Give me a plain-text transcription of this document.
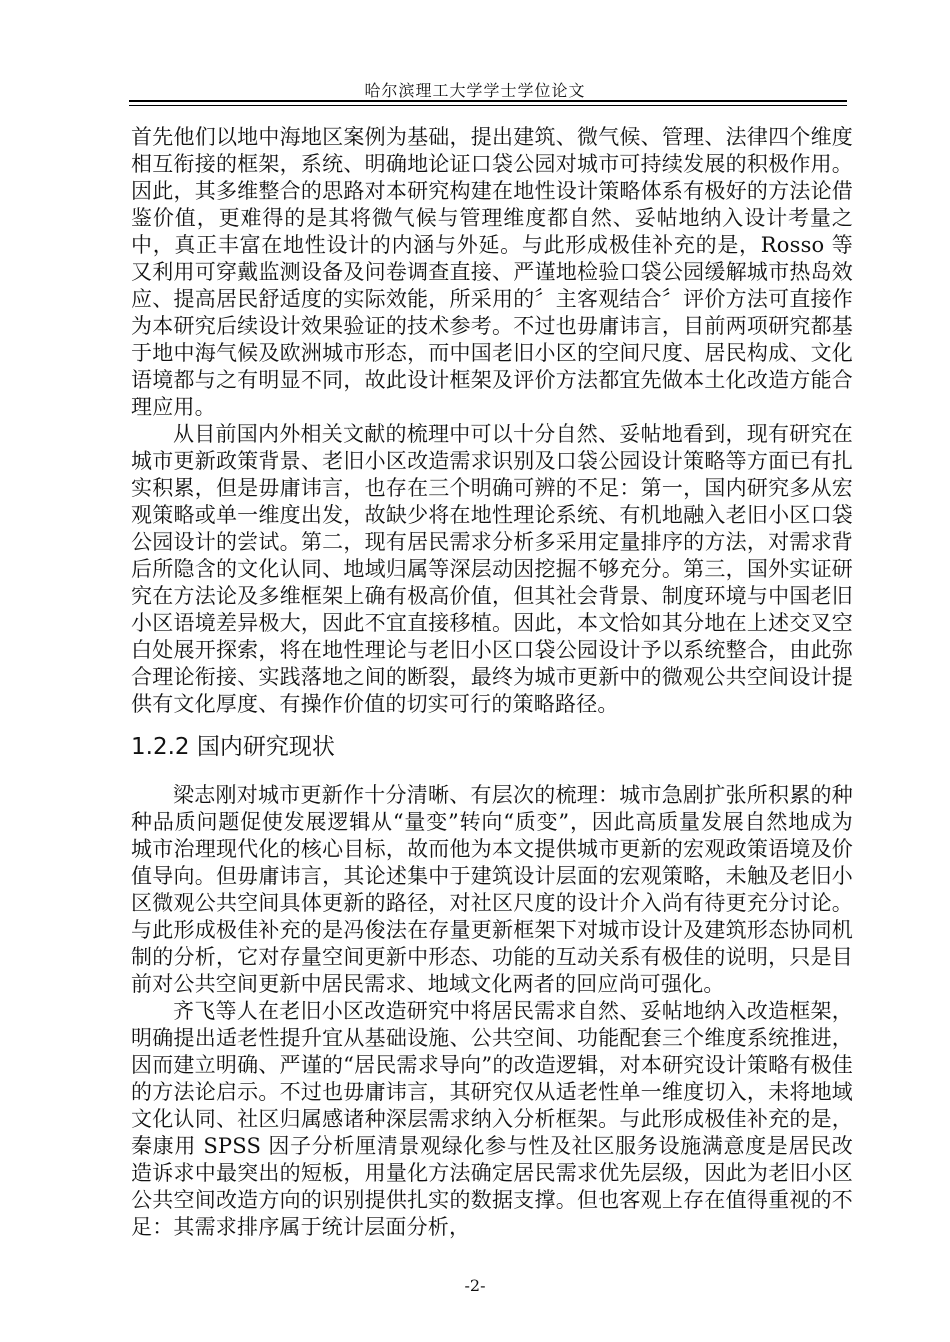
哈尔滨理工大学学士学位论文

首先他们以地中海地区案例为基础，提出建筑、微气候、管理、法律四个维度相互衔接的框架，系统、明确地论证口袋公园对城市可持续发展的积极作用。因此，其多维整合的思路对本研究构建在地性设计策略体系有极好的方法论借鉴价值，更难得的是其将微气候与管理维度都自然、妥帖地纳入设计考量之中，真正丰富在地性设计的内涵与外延。与此形成极佳补充的是，Rosso 等又利用可穿戴监测设备及问卷调查直接、严谨地检验口袋公园缓解城市热岛效应、提高居民舒适度的实际效能，所采用的〞主客观结合〞评价方法可直接作为本研究后续设计效果验证的技术参考。不过也毋庸讳言，目前两项研究都基于地中海气候及欧洲城市形态，而中国老旧小区的空间尺度、居民构成、文化语境都与之有明显不同，故此设计框架及评价方法都宜先做本土化改造方能合理应用。

从目前国内外相关文献的梳理中可以十分自然、妥帖地看到，现有研究在城市更新政策背景、老旧小区改造需求识别及口袋公园设计策略等方面已有扎实积累，但是毋庸讳言，也存在三个明确可辨的不足：第一，国内研究多从宏观策略或单一维度出发，故缺少将在地性理论系统、有机地融入老旧小区口袋公园设计的尝试。第二，现有居民需求分析多采用定量排序的方法，对需求背后所隐含的文化认同、地域归属等深层动因挖掘不够充分。第三，国外实证研究在方法论及多维框架上确有极高价值，但其社会背景、制度环境与中国老旧小区语境差异极大，因此不宜直接移植。因此，本文恰如其分地在上述交叉空白处展开探索，将在地性理论与老旧小区口袋公园设计予以系统整合，由此弥合理论衔接、实践落地之间的断裂，最终为城市更新中的微观公共空间设计提供有文化厚度、有操作价值的切实可行的策略路径。

1.2.2 国内研究现状

梁志刚对城市更新作十分清晰、有层次的梳理：城市急剧扩张所积累的种种品质问题促使发展逻辑从“量变”转向“质变”，因此高质量发展自然地成为城市治理现代化的核心目标，故而他为本文提供城市更新的宏观政策语境及价值导向。但毋庸讳言，其论述集中于建筑设计层面的宏观策略，未触及老旧小区微观公共空间具体更新的路径，对社区尺度的设计介入尚有待更充分讨论。与此形成极佳补充的是冯俊法在存量更新框架下对城市设计及建筑形态协同机制的分析，它对存量空间更新中形态、功能的互动关系有极佳的说明，只是目前对公共空间更新中居民需求、地域文化两者的回应尚可强化。

齐飞等人在老旧小区改造研究中将居民需求自然、妥帖地纳入改造框架，明确提出适老性提升宜从基础设施、公共空间、功能配套三个维度系统推进，因而建立明确、严谨的“居民需求导向”的改造逻辑，对本研究设计策略有极佳的方法论启示。不过也毋庸讳言，其研究仅从适老性单一维度切入，未将地域文化认同、社区归属感诸种深层需求纳入分析框架。与此形成极佳补充的是，秦康用 SPSS 因子分析厘清景观绿化参与性及社区服务设施满意度是居民改造诉求中最突出的短板，用量化方法确定居民需求优先层级，因此为老旧小区公共空间改造方向的识别提供扎实的数据支撑。但也客观上存在值得重视的不足：其需求排序属于统计层面分析，

-2-
